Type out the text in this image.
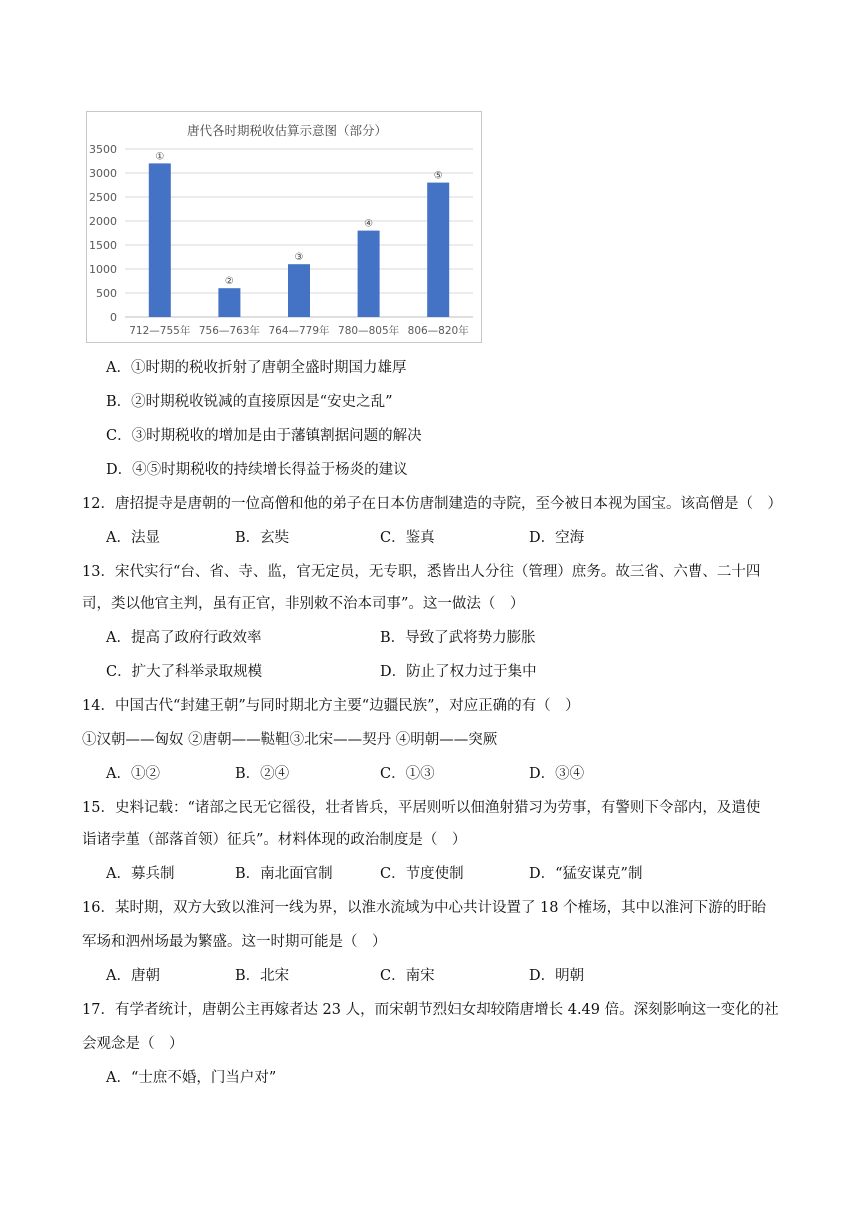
唐代各时期税收估算示意图（部分）
0
500
1000
1500
2000
2500
3000
3500
①
712—755年
②
756—763年
③
764—779年
④
780—805年
⑤
806—820年
A．①时期的税收折射了唐朝全盛时期国力雄厚
B．②时期税收锐减的直接原因是“安史之乱”
C．③时期税收的增加是由于藩镇割据问题的解决
D．④⑤时期税收的持续增长得益于杨炎的建议
12．唐招提寺是唐朝的一位高僧和他的弟子在日本仿唐制建造的寺院，至今被日本视为国宝。该高僧是（　）
A．法显	B．玄奘	C．鉴真	D．空海
13．宋代实行“台、省、寺、监，官无定员，无专职，悉皆出人分往（管理）庶务。故三省、六曹、二十四
司，类以他官主判，虽有正官，非别敕不治本司事”。这一做法（　）
A．提高了政府行政效率	B．导致了武将势力膨胀
C．扩大了科举录取规模	D．防止了权力过于集中
14．中国古代“封建王朝”与同时期北方主要“边疆民族”，对应正确的有（　）
①汉朝——匈奴 ②唐朝——鞑靼③北宋——契丹 ④明朝——突厥
A．①②	B．②④	C．①③	D．③④
15．史料记载：“诸部之民无它徭役，壮者皆兵，平居则听以佃渔射猎习为劳事，有警则下令部内，及遣使
诣诸孛堇（部落首领）征兵”。材料体现的政治制度是（　）
A．募兵制	B．南北面官制	C．节度使制	D．“猛安谋克”制
16．某时期，双方大致以淮河一线为界，以淮水流域为中心共计设置了 18 个榷场，其中以淮河下游的盱眙
军场和泗州场最为繁盛。这一时期可能是（　）
A．唐朝	B．北宋	C．南宋	D．明朝
17．有学者统计，唐朝公主再嫁者达 23 人，而宋朝节烈妇女却较隋唐增长 4.49 倍。深刻影响这一变化的社
会观念是（　）
A．“士庶不婚，门当户对”
